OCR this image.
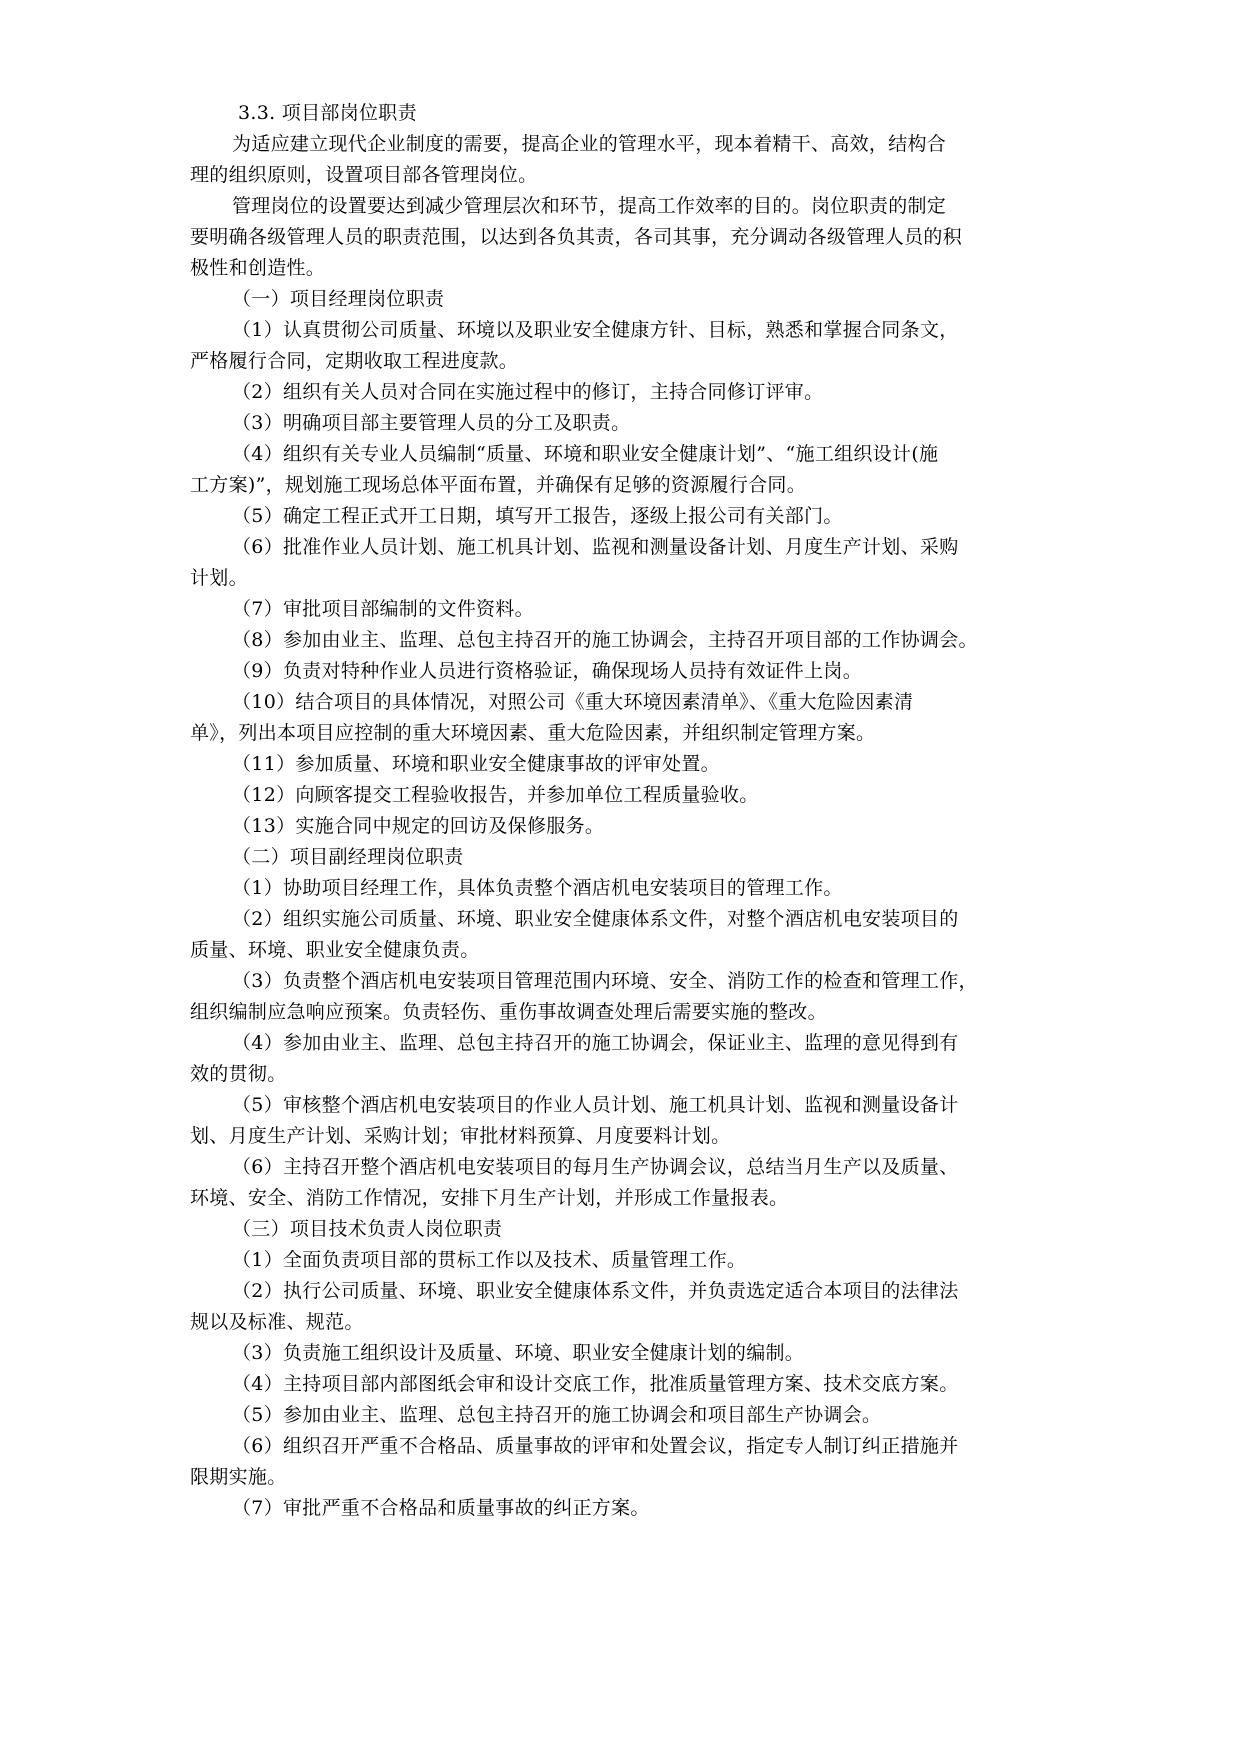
3.3. 项目部岗位职责

为适应建立现代企业制度的需要，提高企业的管理水平，现本着精干、高效，结构合

理的组织原则，设置项目部各管理岗位。

管理岗位的设置要达到减少管理层次和环节，提高工作效率的目的。岗位职责的制定

要明确各级管理人员的职责范围，以达到各负其责，各司其事，充分调动各级管理人员的积

极性和创造性。

（一）项目经理岗位职责

（1）认真贯彻公司质量、环境以及职业安全健康方针、目标，熟悉和掌握合同条文，

严格履行合同，定期收取工程进度款。

（2）组织有关人员对合同在实施过程中的修订，主持合同修订评审。

（3）明确项目部主要管理人员的分工及职责。

（4）组织有关专业人员编制“质量、环境和职业安全健康计划”、“施工组织设计(施

工方案)”，规划施工现场总体平面布置，并确保有足够的资源履行合同。

（5）确定工程正式开工日期，填写开工报告，逐级上报公司有关部门。

（6）批准作业人员计划、施工机具计划、监视和测量设备计划、月度生产计划、采购

计划。

（7）审批项目部编制的文件资料。

（8）参加由业主、监理、总包主持召开的施工协调会，主持召开项目部的工作协调会。

（9）负责对特种作业人员进行资格验证，确保现场人员持有效证件上岗。

（10）结合项目的具体情况，对照公司《重大环境因素清单》、《重大危险因素清

单》，列出本项目应控制的重大环境因素、重大危险因素，并组织制定管理方案。

（11）参加质量、环境和职业安全健康事故的评审处置。

（12）向顾客提交工程验收报告，并参加单位工程质量验收。

（13）实施合同中规定的回访及保修服务。

（二）项目副经理岗位职责

（1）协助项目经理工作，具体负责整个酒店机电安装项目的管理工作。

（2）组织实施公司质量、环境、职业安全健康体系文件，对整个酒店机电安装项目的

质量、环境、职业安全健康负责。

（3）负责整个酒店机电安装项目管理范围内环境、安全、消防工作的检查和管理工作，

组织编制应急响应预案。负责轻伤、重伤事故调查处理后需要实施的整改。

（4）参加由业主、监理、总包主持召开的施工协调会，保证业主、监理的意见得到有

效的贯彻。

（5）审核整个酒店机电安装项目的作业人员计划、施工机具计划、监视和测量设备计

划、月度生产计划、采购计划；审批材料预算、月度要料计划。

（6）主持召开整个酒店机电安装项目的每月生产协调会议，总结当月生产以及质量、

环境、安全、消防工作情况，安排下月生产计划，并形成工作量报表。

（三）项目技术负责人岗位职责

（1）全面负责项目部的贯标工作以及技术、质量管理工作。

（2）执行公司质量、环境、职业安全健康体系文件，并负责选定适合本项目的法律法

规以及标准、规范。

（3）负责施工组织设计及质量、环境、职业安全健康计划的编制。

（4）主持项目部内部图纸会审和设计交底工作，批准质量管理方案、技术交底方案。

（5）参加由业主、监理、总包主持召开的施工协调会和项目部生产协调会。

（6）组织召开严重不合格品、质量事故的评审和处置会议，指定专人制订纠正措施并

限期实施。

（7）审批严重不合格品和质量事故的纠正方案。
